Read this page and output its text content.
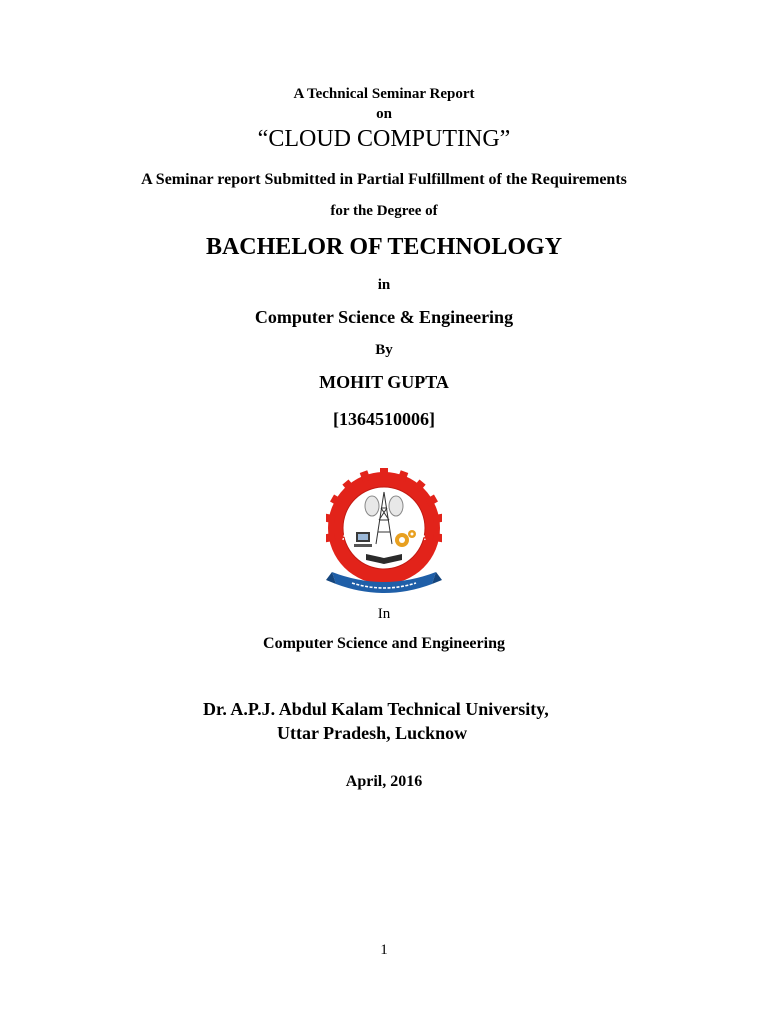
A Technical Seminar Report
on
“CLOUD COMPUTING”
A Seminar report Submitted in Partial Fulfillment of the Requirements
for the Degree of
BACHELOR OF TECHNOLOGY
in
Computer Science & Engineering
By
MOHIT GUPTA
[1364510006]
In
Computer Science and Engineering
Dr. A.P.J. Abdul Kalam Technical University,
Uttar Pradesh, Lucknow
April, 2016
1
